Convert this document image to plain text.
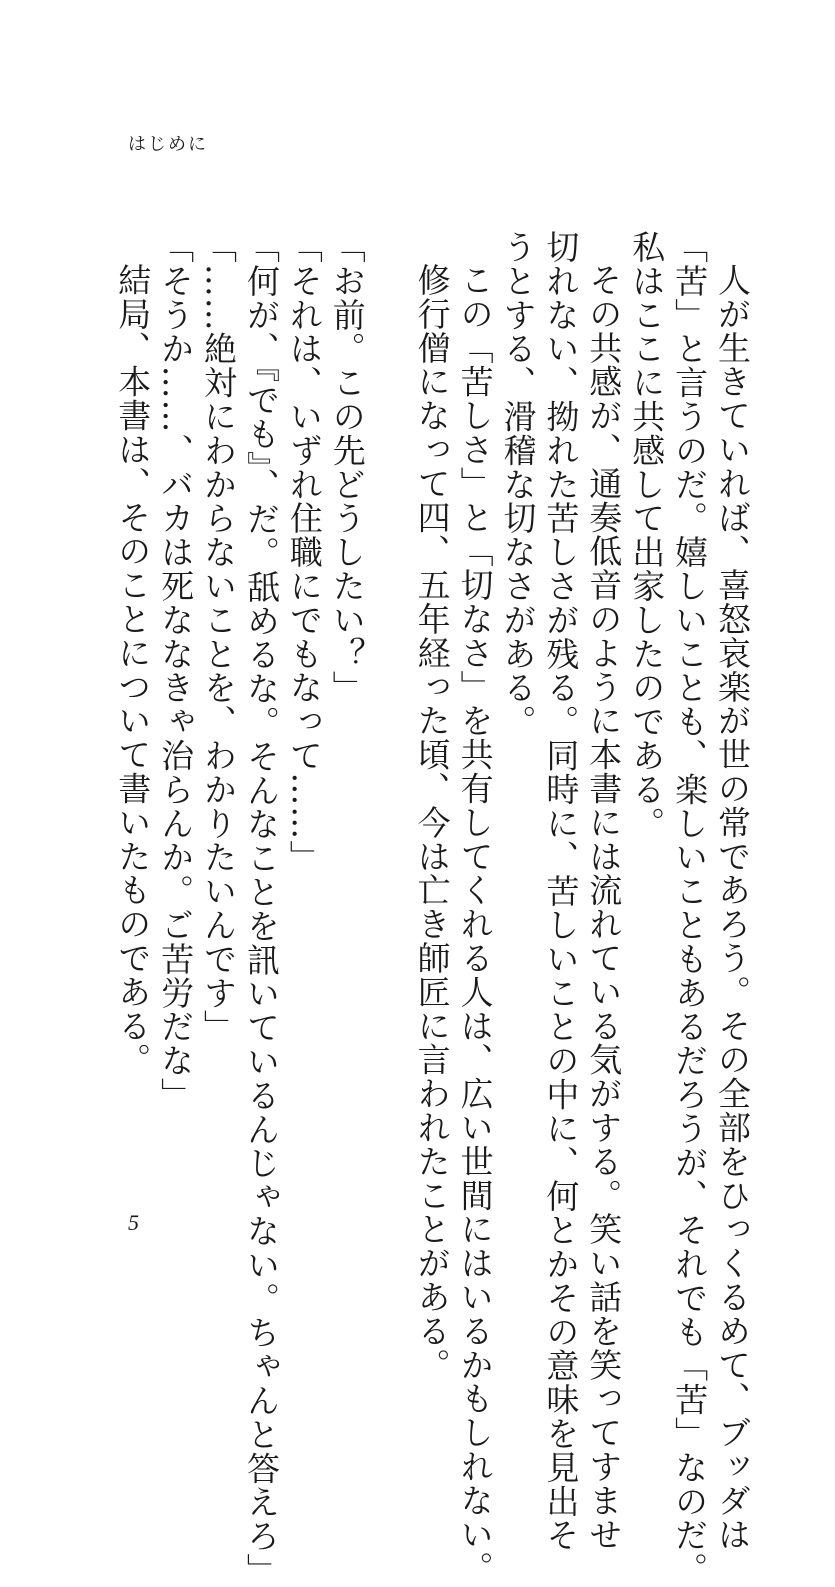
はじめに

人が生きていれば、喜怒哀楽が世の常であろう。その全部をひっくるめて、ブッダは

「苦」と言うのだ。嬉しいことも、楽しいこともあるだろうが、それでも「苦」なのだ。

私はここに共感して出家したのである。

その共感が、通奏低音のように本書には流れている気がする。笑い話を笑ってすませ

切れない、拗れた苦しさが残る。同時に、苦しいことの中に、何とかその意味を見出そ

うとする、滑稽な切なさがある。

この「苦しさ」と「切なさ」を共有してくれる人は、広い世間にはいるかもしれない。

修行僧になって四、五年経った頃、今は亡き師匠に言われたことがある。

「お前。この先どうしたい？」

「それは、いずれ住職にでもなって……」

「何が、『でも』、だ。舐めるな。そんなことを訊いているんじゃない。ちゃんと答えろ」

「……絶対にわからないことを、わかりたいんです」

「そうか……、バカは死ななきゃ治らんか。ご苦労だな」

結局、本書は、そのことについて書いたものである。

5
